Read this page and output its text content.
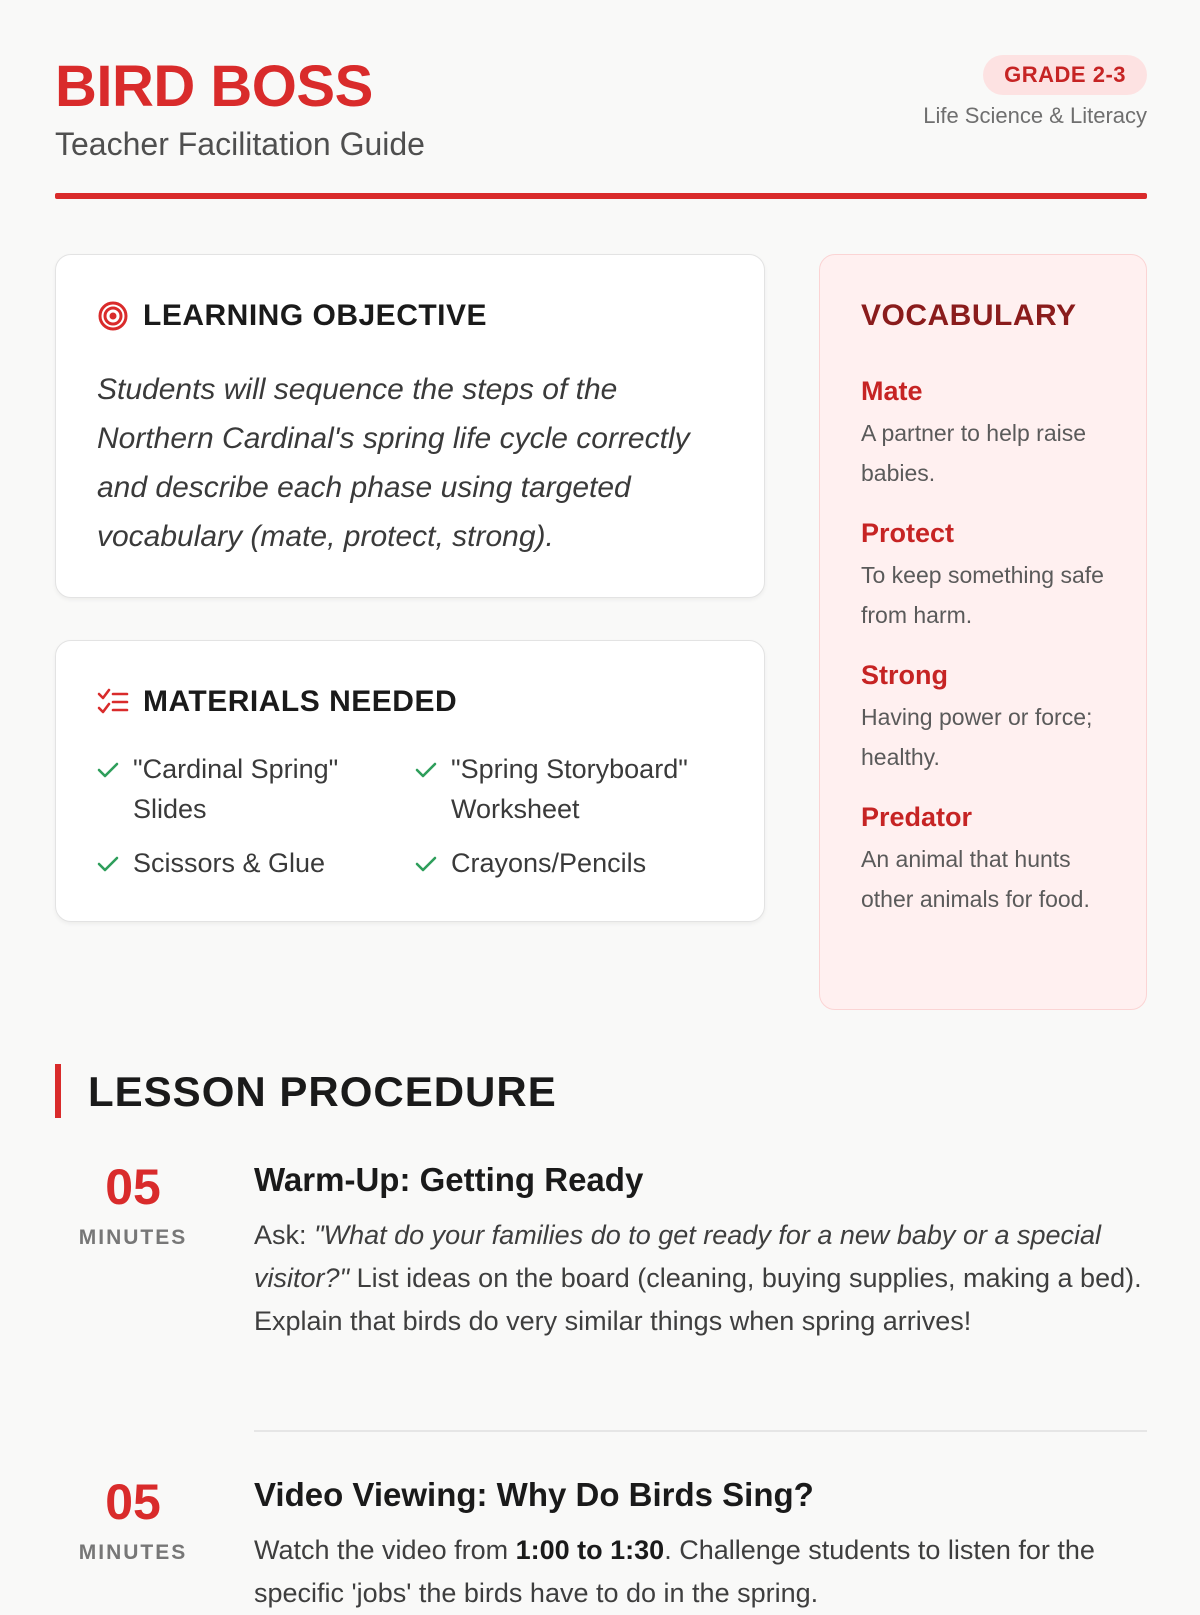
BIRD BOSS

Teacher Facilitation Guide

GRADE 2-3
Life Science & Literacy
LEARNING OBJECTIVE
Students will sequence the steps of the Northern Cardinal's spring life cycle correctly and describe each phase using targeted vocabulary (mate, protect, strong).
MATERIALS NEEDED
"Cardinal Spring" Slides
"Spring Storyboard" Worksheet
Scissors & Glue	Crayons/Pencils
VOCABULARY
Mate
A partner to help raise babies.
Protect
To keep something safe from harm.
Strong
Having power or force; healthy.
Predator
An animal that hunts other animals for food.
LESSON PROCEDURE
05
MINUTES
Warm-Up: Getting Ready
Ask: "What do your families do to get ready for a new baby or a special visitor?" List ideas on the board (cleaning, buying supplies, making a bed). Explain that birds do very similar things when spring arrives!
05
MINUTES
Video Viewing: Why Do Birds Sing?
Watch the video from 1:00 to 1:30. Challenge students to listen for the specific 'jobs' the birds have to do in the spring.
